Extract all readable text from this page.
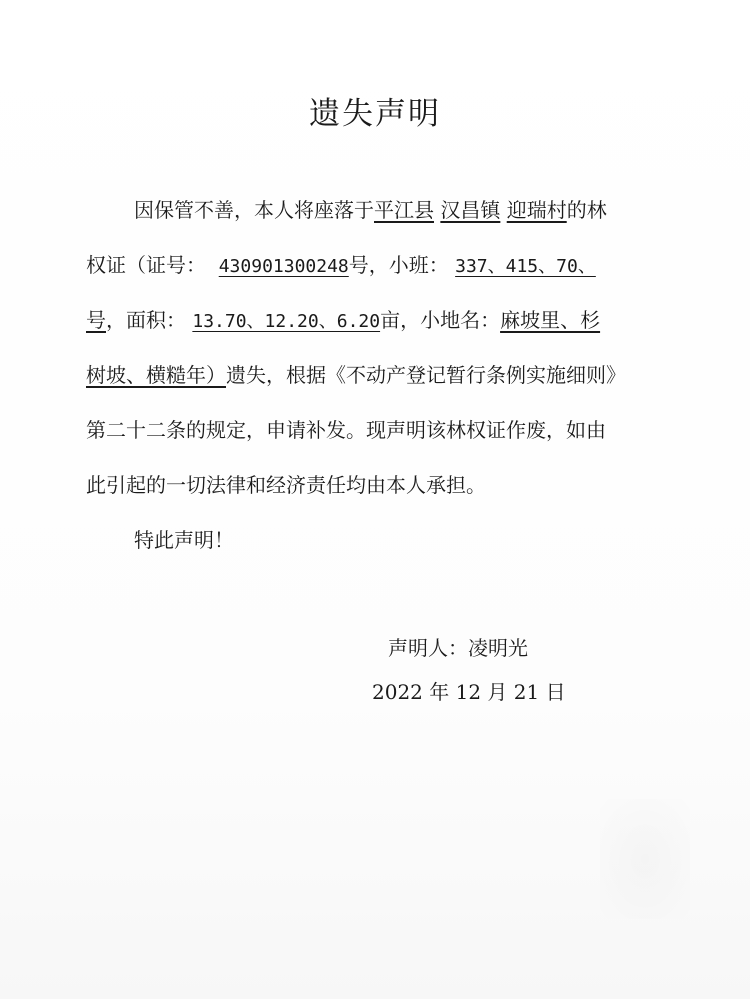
遗失声明
因保管不善，本人将座落于平江县 汉昌镇 迎瑞村的林
权证（证号： 430901300248号，小班： 337、415、70、
号，面积： 13.70、12.20、6.20亩，小地名：麻坡里、杉
树坡、横糙年）遗失，根据《不动产登记暂行条例实施细则》
第二十二条的规定，申请补发。现声明该林权证作废，如由
此引起的一切法律和经济责任均由本人承担。
特此声明！
声明人：凌明光
2022 年 12 月 21 日
